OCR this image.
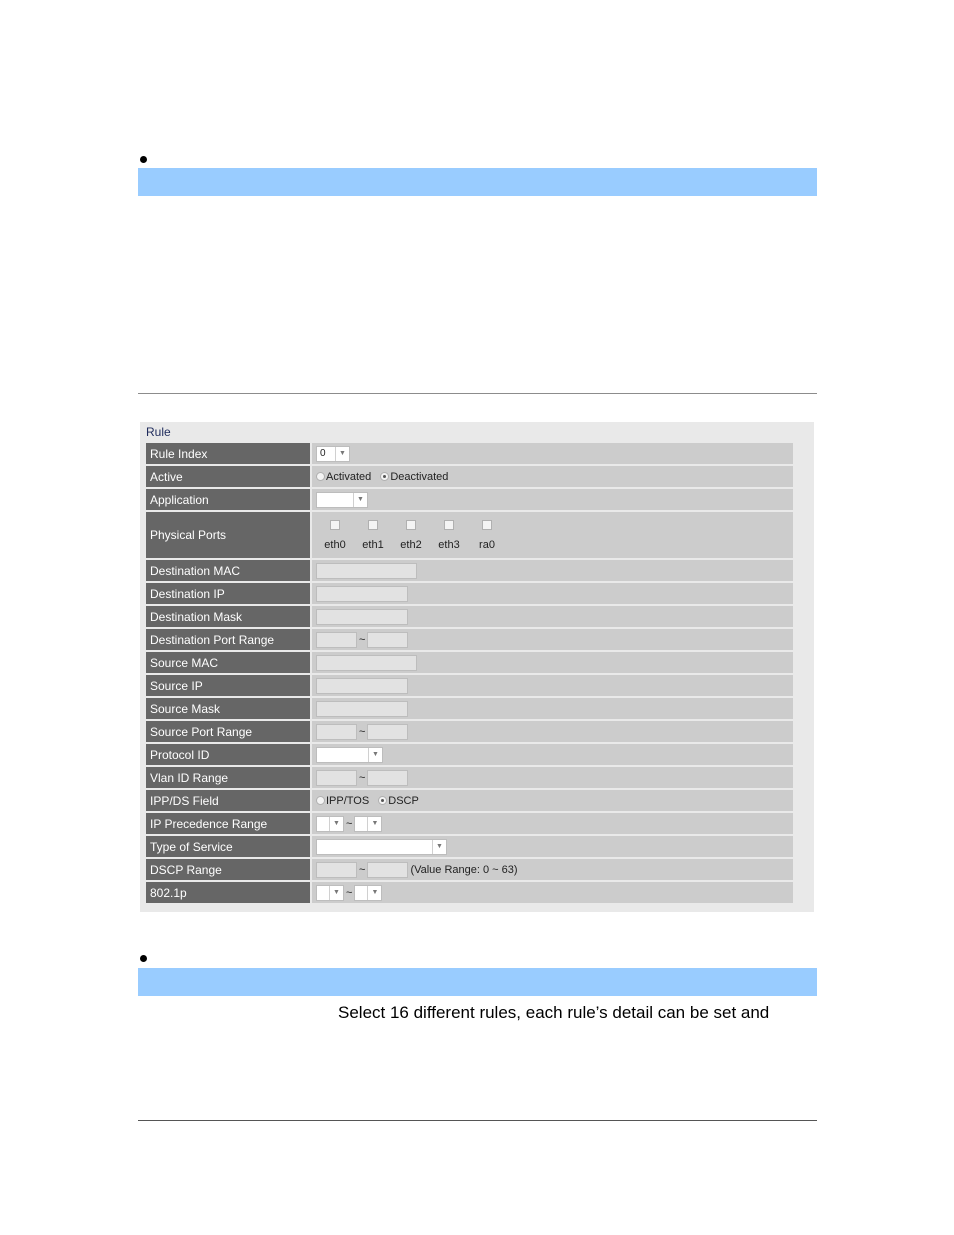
Rule
Rule Index	0 ▼

Active	Activated Deactivated
Application	▼

Physical Ports	eth0 eth1 eth2 eth3 ra0

Destination MAC	
Destination IP	
Destination Mask	
Destination Port Range	~
Source MAC	
Source IP	
Source Mask	
Source Port Range	~
Protocol ID	▼

Vlan ID Range	~
IPP/DS Field	IPP/TOS DSCP
IP Precedence Range	▼ ~ ▼

Type of Service	▼

DSCP Range	~ (Value Range: 0 ~ 63)
802.1p	▼ ~ ▼
Select 16 different rules, each rule’s detail can be set and
